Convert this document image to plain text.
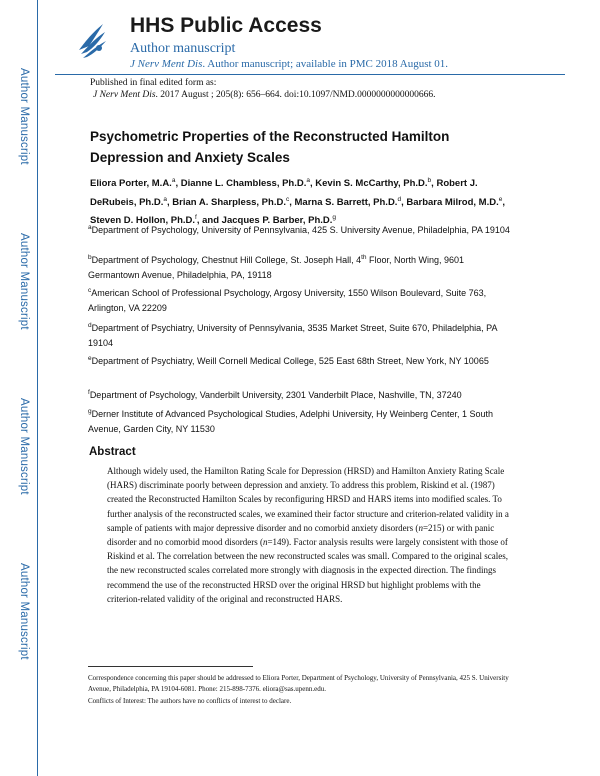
Author Manuscript
Author Manuscript
Author Manuscript
Author Manuscript
HHS Public Access
Author manuscript
J Nerv Ment Dis. Author manuscript; available in PMC 2018 August 01.
Published in final edited form as:
J Nerv Ment Dis. 2017 August ; 205(8): 656–664. doi:10.1097/NMD.0000000000000666.
Psychometric Properties of the Reconstructed Hamilton
Depression and Anxiety Scales
Eliora Porter, M.A.$^a$, Dianne L. Chambless, Ph.D.$^a$, Kevin S. McCarthy, Ph.D.$^b$, Robert J. DeRubeis, Ph.D.$^a$, Brian A. Sharpless, Ph.D.$^c$, Marna S. Barrett, Ph.D.$^d$, Barbara Milrod, M.D.$^e$, Steven D. Hollon, Ph.D.$^f$, and Jacques P. Barber, Ph.D.$^g$
$^a$Department of Psychology, University of Pennsylvania, 425 S. University Avenue, Philadelphia, PA 19104
$^b$Department of Psychology, Chestnut Hill College, St. Joseph Hall, 4th Floor, North Wing, 9601 Germantown Avenue, Philadelphia, PA, 19118
$^c$American School of Professional Psychology, Argosy University, 1550 Wilson Boulevard, Suite 763, Arlington, VA 22209
$^d$Department of Psychiatry, University of Pennsylvania, 3535 Market Street, Suite 670, Philadelphia, PA 19104
$^e$Department of Psychiatry, Weill Cornell Medical College, 525 East 68th Street, New York, NY 10065
$^f$Department of Psychology, Vanderbilt University, 2301 Vanderbilt Place, Nashville, TN, 37240
$^g$Derner Institute of Advanced Psychological Studies, Adelphi University, Hy Weinberg Center, 1 South Avenue, Garden City, NY 11530
Abstract
Although widely used, the Hamilton Rating Scale for Depression (HRSD) and Hamilton Anxiety Rating Scale (HARS) discriminate poorly between depression and anxiety. To address this problem, Riskind et al. (1987) created the Reconstructed Hamilton Scales by reconfiguring HRSD and HARS items into modified scales. To further analysis of the reconstructed scales, we examined their factor structure and criterion-related validity in a sample of patients with major depressive disorder and no comorbid anxiety disorders (n=215) or with panic disorder and no comorbid mood disorders (n=149). Factor analysis results were largely consistent with those of Riskind et al. The correlation between the new reconstructed scales was small. Compared to the original scales, the new reconstructed scales correlated more strongly with diagnosis in the expected direction. The findings recommend the use of the reconstructed HRSD over the original HRSD but highlight problems with the criterion-related validity of the original and reconstructed HARS.
Correspondence concerning this paper should be addressed to Eliora Porter, Department of Psychology, University of Pennsylvania, 425 S. University Avenue, Philadelphia, PA 19104-6081. Phone: 215-898-7376. eliora@sas.upenn.edu.
Conflicts of Interest: The authors have no conflicts of interest to declare.
